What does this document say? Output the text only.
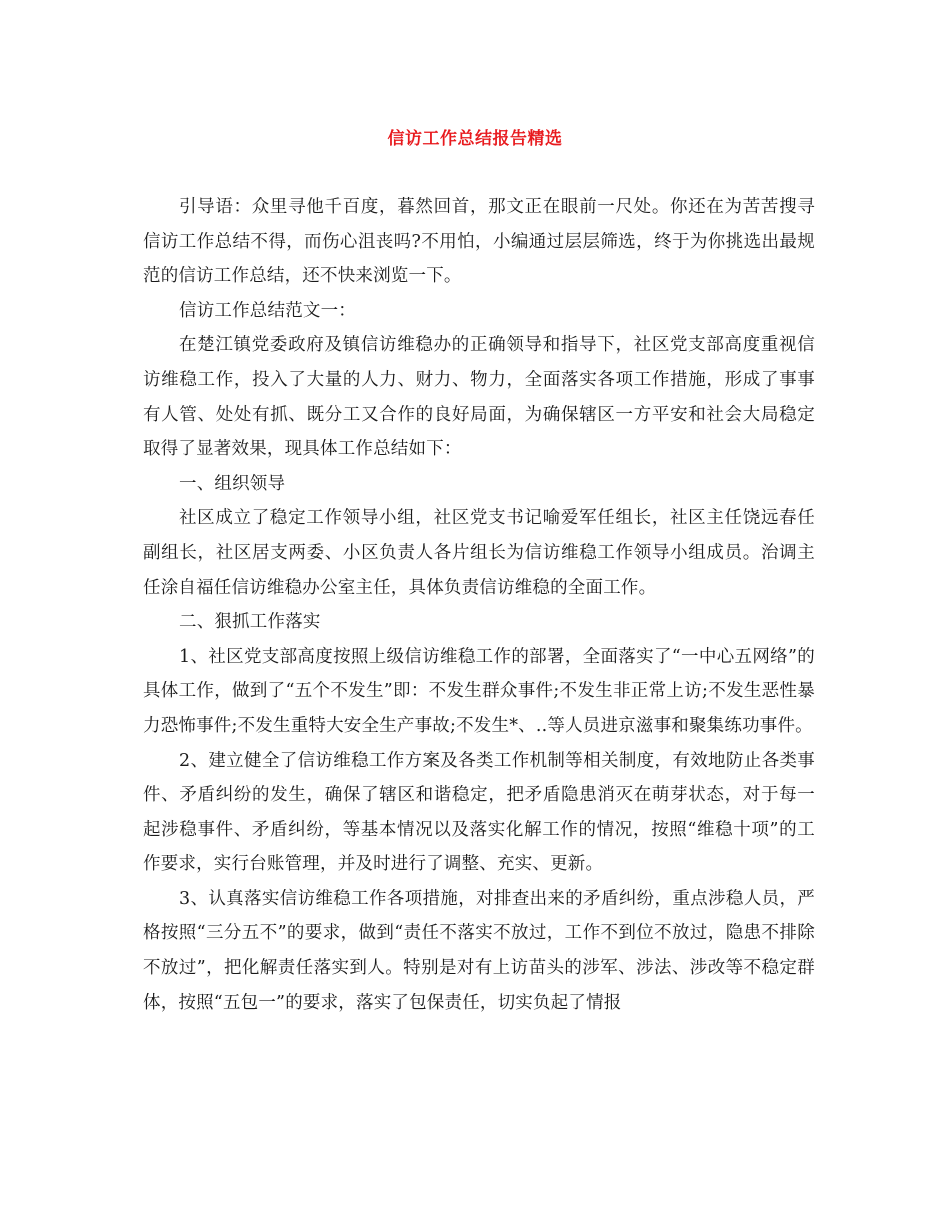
信访工作总结报告精选

引导语：众里寻他千百度，暮然回首，那文正在眼前一尺处。你还在为苦苦搜寻信访工作总结不得，而伤心沮丧吗?不用怕，小编通过层层筛选，终于为你挑选出最规范的信访工作总结，还不快来浏览一下。

信访工作总结范文一：

在楚江镇党委政府及镇信访维稳办的正确领导和指导下，社区党支部高度重视信访维稳工作，投入了大量的人力、财力、物力，全面落实各项工作措施，形成了事事有人管、处处有抓、既分工又合作的良好局面，为确保辖区一方平安和社会大局稳定取得了显著效果，现具体工作总结如下：

一、组织领导

社区成立了稳定工作领导小组，社区党支书记喻爱军任组长，社区主任饶远春任副组长，社区居支两委、小区负责人各片组长为信访维稳工作领导小组成员。治调主任涂自福任信访维稳办公室主任，具体负责信访维稳的全面工作。

二、狠抓工作落实

1、社区党支部高度按照上级信访维稳工作的部署，全面落实了“一中心五网络”的具体工作，做到了“五个不发生”即：不发生群众事件;不发生非正常上访;不发生恶性暴力恐怖事件;不发生重特大安全生产事故;不发生*、..等人员进京滋事和聚集练功事件。

2、建立健全了信访维稳工作方案及各类工作机制等相关制度，有效地防止各类事件、矛盾纠纷的发生，确保了辖区和谐稳定，把矛盾隐患消灭在萌芽状态，对于每一起涉稳事件、矛盾纠纷，等基本情况以及落实化解工作的情况，按照“维稳十项”的工作要求，实行台账管理，并及时进行了调整、充实、更新。

3、认真落实信访维稳工作各项措施，对排查出来的矛盾纠纷，重点涉稳人员，严格按照“三分五不”的要求，做到“责任不落实不放过，工作不到位不放过，隐患不排除不放过”，把化解责任落实到人。特别是对有上访苗头的涉军、涉法、涉改等不稳定群体，按照“五包一”的要求，落实了包保责任，切实负起了情报
